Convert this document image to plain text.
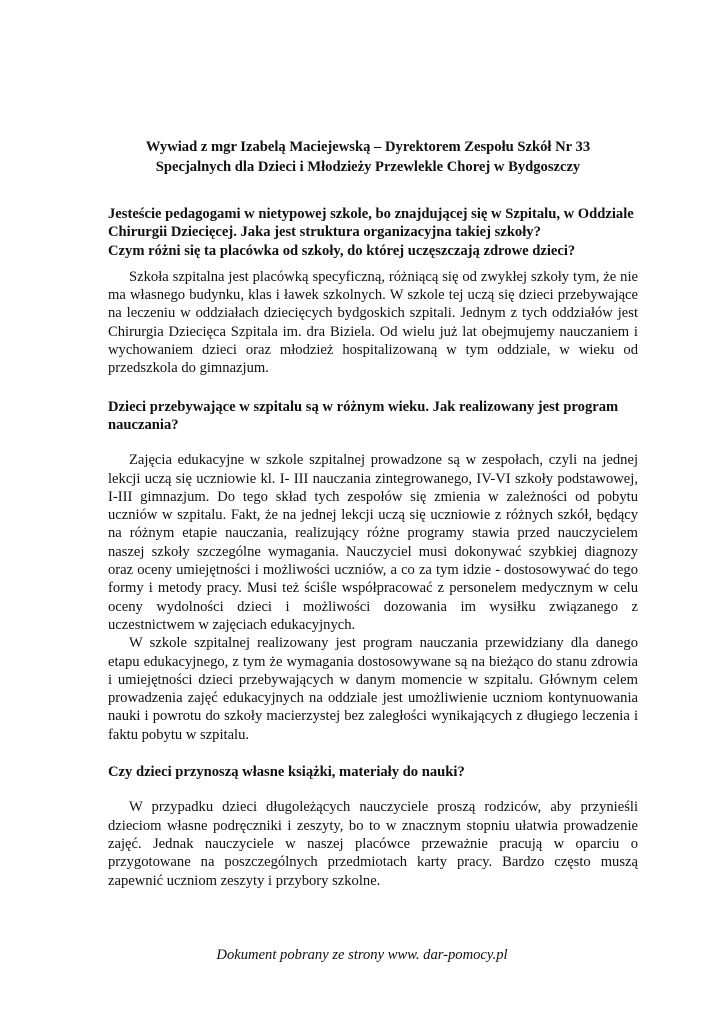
Wywiad z mgr Izabelą Maciejewską – Dyrektorem Zespołu Szkół Nr 33
Specjalnych dla Dzieci i Młodzieży Przewlekle Chorej w Bydgoszczy
Jesteście pedagogami w nietypowej szkole, bo znajdującej się w Szpitalu, w Oddziale Chirurgii Dziecięcej. Jaka jest struktura organizacyjna takiej szkoły?
Czym różni się ta placówka od szkoły, do której uczęszczają zdrowe dzieci?

Szkoła szpitalna jest placówką specyficzną, różniącą się od zwykłej szkoły tym, że nie ma własnego budynku, klas i ławek szkolnych. W szkole tej uczą się dzieci przebywające na leczeniu w oddziałach dziecięcych bydgoskich szpitali. Jednym z tych oddziałów jest Chirurgia Dziecięca Szpitala im. dra Biziela. Od wielu już lat obejmujemy nauczaniem i wychowaniem dzieci oraz młodzież hospitalizowaną w tym oddziale, w wieku od przedszkola do gimnazjum.

Dzieci przebywające w szpitalu są w różnym wieku. Jak realizowany jest program nauczania?

Zajęcia edukacyjne w szkole szpitalnej prowadzone są w zespołach, czyli na jednej lekcji uczą się uczniowie kl. I- III nauczania zintegrowanego, IV-VI szkoły podstawowej, I-III gimnazjum. Do tego skład tych zespołów się zmienia w zależności od pobytu uczniów w szpitalu. Fakt, że na jednej lekcji uczą się uczniowie z różnych szkół, będący na różnym etapie nauczania, realizujący różne programy stawia przed nauczycielem naszej szkoły szczególne wymagania. Nauczyciel musi dokonywać szybkiej diagnozy oraz oceny umiejętności i możliwości uczniów, a co za tym idzie - dostosowywać do tego formy i metody pracy. Musi też ściśle współpracować z personelem medycznym w celu oceny wydolności dzieci i możliwości dozowania im wysiłku związanego z uczestnictwem w zajęciach edukacyjnych.

W szkole szpitalnej realizowany jest program nauczania przewidziany dla danego etapu edukacyjnego, z tym że wymagania dostosowywane są na bieżąco do stanu zdrowia i umiejętności dzieci przebywających w danym momencie w szpitalu. Głównym celem prowadzenia zajęć edukacyjnych na oddziale jest umożliwienie uczniom kontynuowania nauki i powrotu do szkoły macierzystej bez zaległości wynikających z długiego leczenia i faktu pobytu w szpitalu.

Czy dzieci przynoszą własne książki, materiały do nauki?

W przypadku dzieci długoleżących nauczyciele proszą rodziców, aby przynieśli dzieciom własne podręczniki i zeszyty, bo to w znacznym stopniu ułatwia prowadzenie zajęć. Jednak nauczyciele w naszej placówce przeważnie pracują w oparciu o przygotowane na poszczególnych przedmiotach karty pracy. Bardzo często muszą zapewnić uczniom zeszyty i przybory szkolne.

Dokument pobrany ze strony www. dar-pomocy.pl
